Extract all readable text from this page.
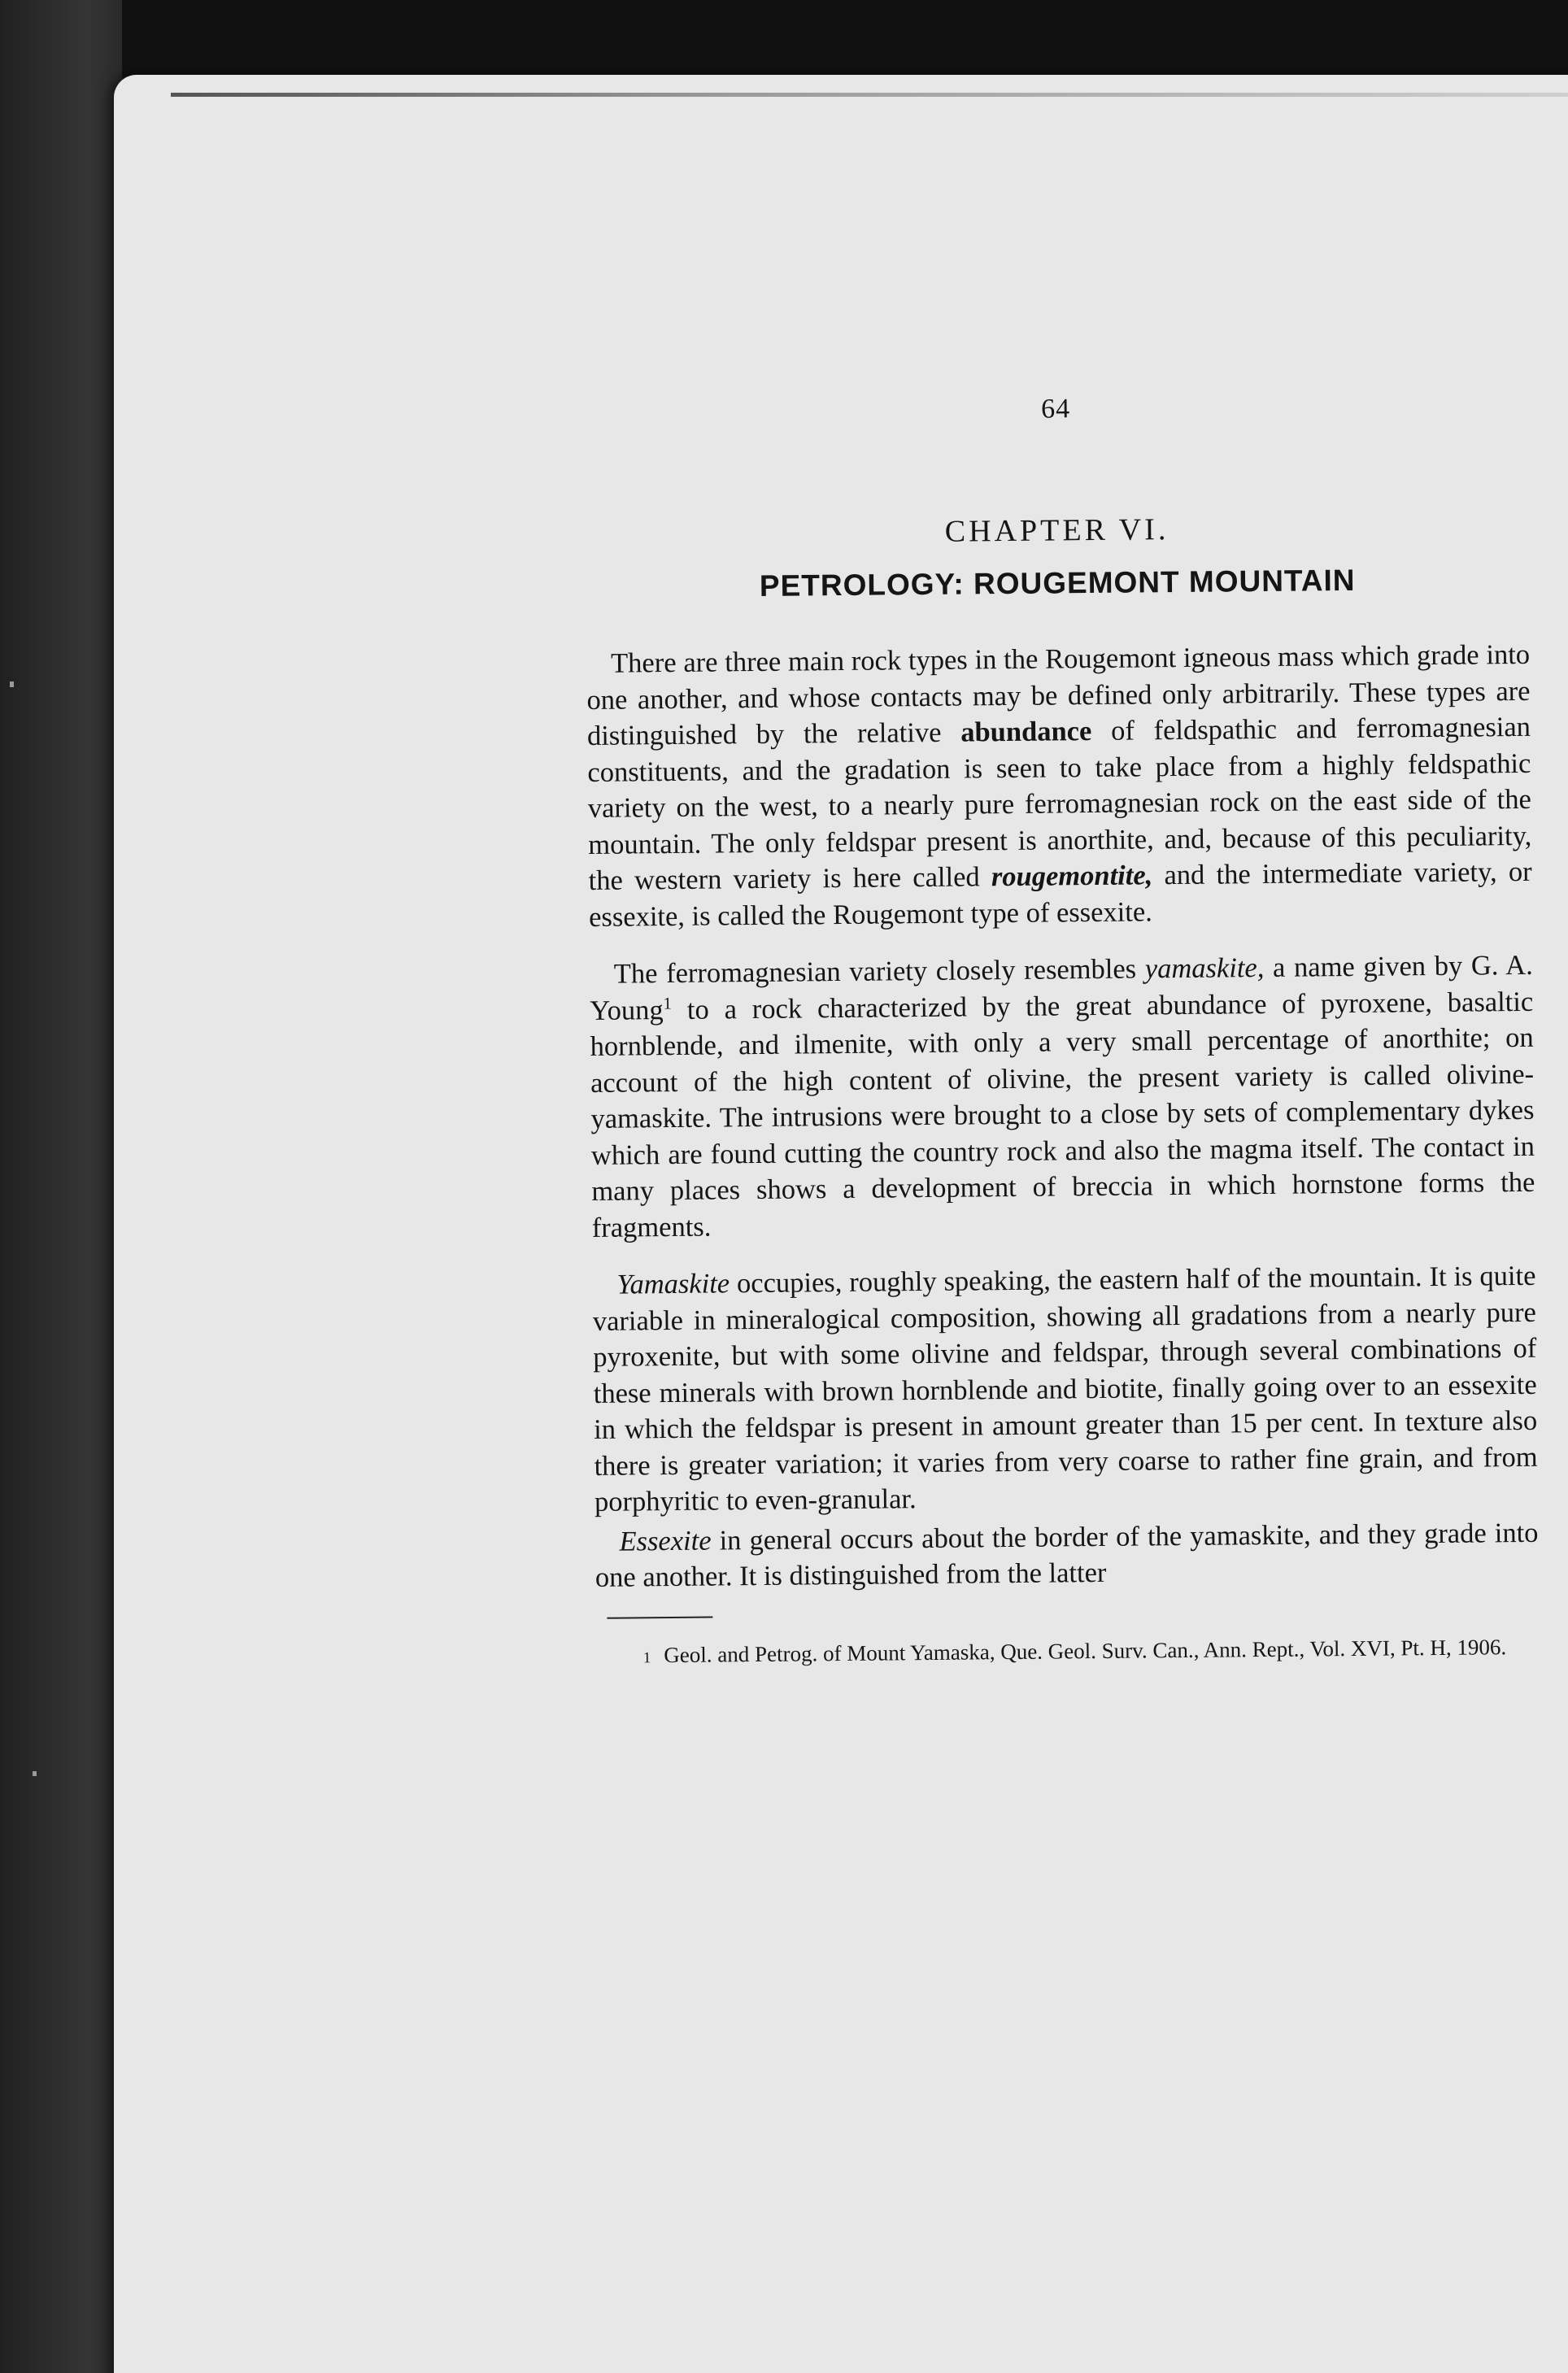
64
CHAPTER VI.
PETROLOGY: ROUGEMONT MOUNTAIN

There are three main rock types in the Rougemont igneous mass which grade into one another, and whose contacts may be defined only arbitrarily. These types are distinguished by the relative abundance of feldspathic and ferromagnesian constituents, and the gradation is seen to take place from a highly feldspathic variety on the west, to a nearly pure ferromagnesian rock on the east side of the mountain. The only feldspar present is anorthite, and, because of this peculiarity, the western variety is here called rougemontite, and the intermediate variety, or essexite, is called the Rougemont type of essexite.

The ferromagnesian variety closely resembles yamaskite, a name given by G. A. Young$^1$ to a rock characterized by the great abundance of pyroxene, basaltic hornblende, and ilmenite, with only a very small percentage of anorthite; on account of the high content of olivine, the present variety is called olivine-yamaskite. The intrusions were brought to a close by sets of complementary dykes which are found cutting the country rock and also the magma itself. The contact in many places shows a development of breccia in which hornstone forms the fragments.

Yamaskite occupies, roughly speaking, the eastern half of the mountain. It is quite variable in mineralogical composition, showing all gradations from a nearly pure pyroxenite, but with some olivine and feldspar, through several combinations of these minerals with brown hornblende and biotite, finally going over to an essexite in which the feldspar is present in amount greater than 15 per cent. In texture also there is greater variation; it varies from very coarse to rather fine grain, and from porphyritic to even-granular.

Essexite in general occurs about the border of the yamaskite, and they grade into one another. It is distinguished from the latter

1 Geol. and Petrog. of Mount Yamaska, Que. Geol. Surv. Can., Ann. Rept., Vol. XVI, Pt. H, 1906.
